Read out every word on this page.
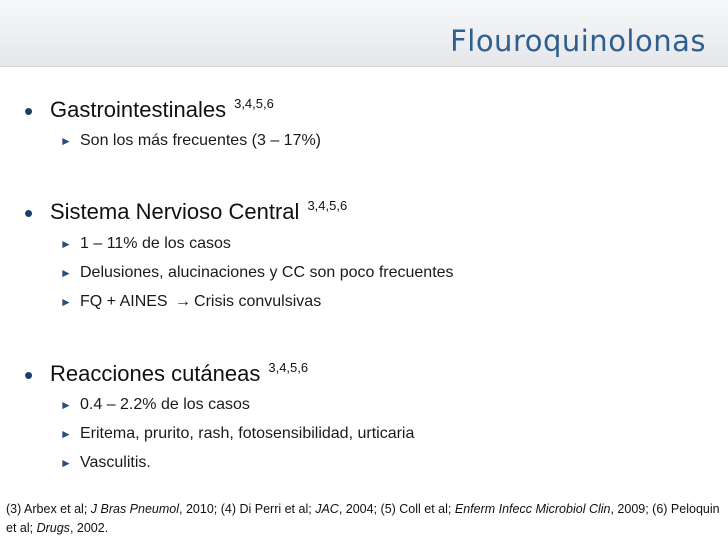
Flouroquinolonas
• Gastrointestinales $^{3,4,5,6}$
► Son los más frecuentes (3 – 17%)
• Sistema Nervioso Central $^{3,4,5,6}$
► 1 – 11% de los casos
► Delusiones, alucinaciones y CC son poco frecuentes
► FQ + AINES → Crisis convulsivas
• Reacciones cutáneas $^{3,4,5,6}$
► 0.4 – 2.2% de los casos
► Eritema, prurito, rash, fotosensibilidad, urticaria
► Vasculitis.
(3) Arbex et al; J Bras Pneumol, 2010; (4) Di Perri et al; JAC, 2004; (5) Coll et al; Enferm Infecc Microbiol Clin, 2009; (6) Peloquin et al; Drugs, 2002.
